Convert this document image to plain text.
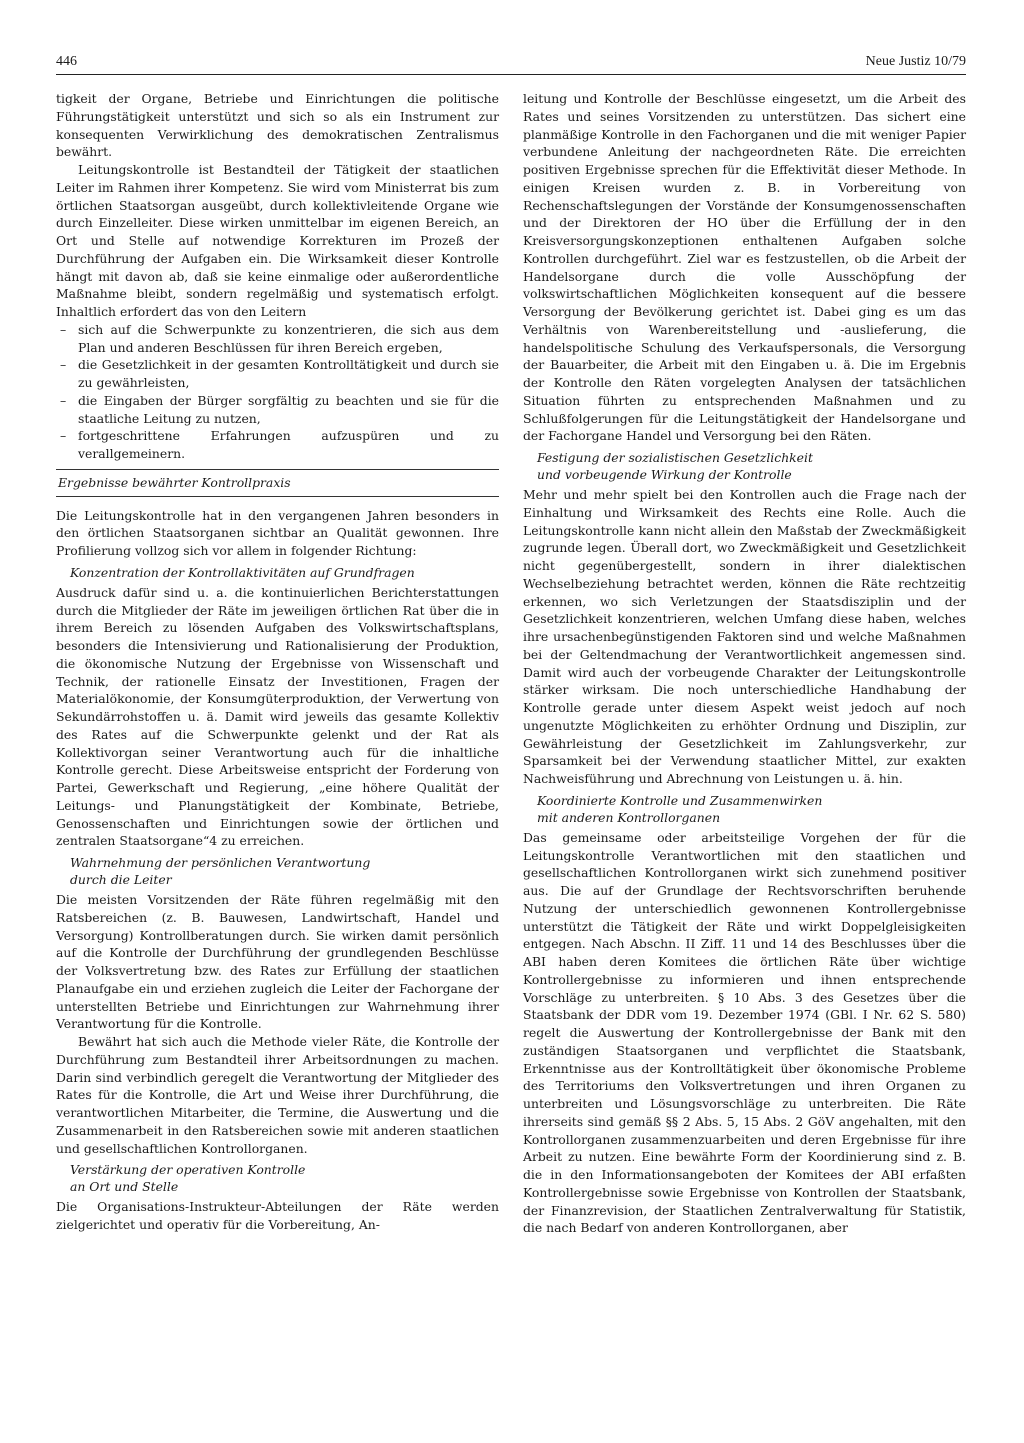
446	Neue Justiz 10/79

tigkeit der Organe, Betriebe und Einrichtungen die politische Führungstätigkeit unterstützt und sich so als ein Instrument zur konsequenten Verwirklichung des demokratischen Zentralismus bewährt.

Leitungskontrolle ist Bestandteil der Tätigkeit der staatlichen Leiter im Rahmen ihrer Kompetenz. Sie wird vom Ministerrat bis zum örtlichen Staatsorgan ausgeübt, durch kollektivleitende Organe wie durch Einzelleiter. Diese wirken unmittelbar im eigenen Bereich, an Ort und Stelle auf notwendige Korrekturen im Prozeß der Durchführung der Aufgaben ein. Die Wirksamkeit dieser Kontrolle hängt mit davon ab, daß sie keine einmalige oder außerordentliche Maßnahme bleibt, sondern regelmäßig und systematisch erfolgt. Inhaltlich erfordert das von den Leitern

– sich auf die Schwerpunkte zu konzentrieren, die sich aus dem Plan und anderen Beschlüssen für ihren Bereich ergeben,
– die Gesetzlichkeit in der gesamten Kontrolltätigkeit und durch sie zu gewährleisten,
– die Eingaben der Bürger sorgfältig zu beachten und sie für die staatliche Leitung zu nutzen,
– fortgeschrittene Erfahrungen aufzuspüren und zu verallgemeinern.
Ergebnisse bewährter Kontrollpraxis

Die Leitungskontrolle hat in den vergangenen Jahren besonders in den örtlichen Staatsorganen sichtbar an Qualität gewonnen. Ihre Profilierung vollzog sich vor allem in folgender Richtung:

Konzentration der Kontrollaktivitäten auf Grundfragen

Ausdruck dafür sind u. a. die kontinuierlichen Berichterstattungen durch die Mitglieder der Räte im jeweiligen örtlichen Rat über die in ihrem Bereich zu lösenden Aufgaben des Volkswirtschaftsplans, besonders die Intensivierung und Rationalisierung der Produktion, die ökonomische Nutzung der Ergebnisse von Wissenschaft und Technik, der rationelle Einsatz der Investitionen, Fragen der Materialökonomie, der Konsumgüterproduktion, der Verwertung von Sekundärrohstoffen u. ä. Damit wird jeweils das gesamte Kollektiv des Rates auf die Schwerpunkte gelenkt und der Rat als Kollektivorgan seiner Verantwortung auch für die inhaltliche Kontrolle gerecht. Diese Arbeitsweise entspricht der Forderung von Partei, Gewerkschaft und Regierung, „eine höhere Qualität der Leitungs- und Planungstätigkeit der Kombinate, Betriebe, Genossenschaften und Einrichtungen sowie der örtlichen und zentralen Staatsorgane“4 zu erreichen.

Wahrnehmung der persönlichen Verantwortung
durch die Leiter

Die meisten Vorsitzenden der Räte führen regelmäßig mit den Ratsbereichen (z. B. Bauwesen, Landwirtschaft, Handel und Versorgung) Kontrollberatungen durch. Sie wirken damit persönlich auf die Kontrolle der Durchführung der grundlegenden Beschlüsse der Volksvertretung bzw. des Rates zur Erfüllung der staatlichen Planaufgabe ein und erziehen zugleich die Leiter der Fachorgane der unterstellten Betriebe und Einrichtungen zur Wahrnehmung ihrer Verantwortung für die Kontrolle.

Bewährt hat sich auch die Methode vieler Räte, die Kontrolle der Durchführung zum Bestandteil ihrer Arbeitsordnungen zu machen. Darin sind verbindlich geregelt die Verantwortung der Mitglieder des Rates für die Kontrolle, die Art und Weise ihrer Durchführung, die verantwortlichen Mitarbeiter, die Termine, die Auswertung und die Zusammenarbeit in den Ratsbereichen sowie mit anderen staatlichen und gesellschaftlichen Kontrollorganen.

Verstärkung der operativen Kontrolle
an Ort und Stelle

Die Organisations-Instrukteur-Abteilungen der Räte werden zielgerichtet und operativ für die Vorbereitung, An-

leitung und Kontrolle der Beschlüsse eingesetzt, um die Arbeit des Rates und seines Vorsitzenden zu unterstützen. Das sichert eine planmäßige Kontrolle in den Fachorganen und die mit weniger Papier verbundene Anleitung der nachgeordneten Räte. Die erreichten positiven Ergebnisse sprechen für die Effektivität dieser Methode. In einigen Kreisen wurden z. B. in Vorbereitung von Rechenschaftslegungen der Vorstände der Konsumgenossenschaften und der Direktoren der HO über die Erfüllung der in den Kreisversorgungskonzeptionen enthaltenen Aufgaben solche Kontrollen durchgeführt. Ziel war es festzustellen, ob die Arbeit der Handelsorgane durch die volle Ausschöpfung der volkswirtschaftlichen Möglichkeiten konsequent auf die bessere Versorgung der Bevölkerung gerichtet ist. Dabei ging es um das Verhältnis von Warenbereitstellung und -auslieferung, die handelspolitische Schulung des Verkaufspersonals, die Versorgung der Bauarbeiter, die Arbeit mit den Eingaben u. ä. Die im Ergebnis der Kontrolle den Räten vorgelegten Analysen der tatsächlichen Situation führten zu entsprechenden Maßnahmen und zu Schlußfolgerungen für die Leitungstätigkeit der Handelsorgane und der Fachorgane Handel und Versorgung bei den Räten.

Festigung der sozialistischen Gesetzlichkeit
und vorbeugende Wirkung der Kontrolle

Mehr und mehr spielt bei den Kontrollen auch die Frage nach der Einhaltung und Wirksamkeit des Rechts eine Rolle. Auch die Leitungskontrolle kann nicht allein den Maßstab der Zweckmäßigkeit zugrunde legen. Überall dort, wo Zweckmäßigkeit und Gesetzlichkeit nicht gegenübergestellt, sondern in ihrer dialektischen Wechselbeziehung betrachtet werden, können die Räte rechtzeitig erkennen, wo sich Verletzungen der Staatsdisziplin und der Gesetzlichkeit konzentrieren, welchen Umfang diese haben, welches ihre ursachenbegünstigenden Faktoren sind und welche Maßnahmen bei der Geltendmachung der Verantwortlichkeit angemessen sind. Damit wird auch der vorbeugende Charakter der Leitungskontrolle stärker wirksam. Die noch unterschiedliche Handhabung der Kontrolle gerade unter diesem Aspekt weist jedoch auf noch ungenutzte Möglichkeiten zu erhöhter Ordnung und Disziplin, zur Gewährleistung der Gesetzlichkeit im Zahlungsverkehr, zur Sparsamkeit bei der Verwendung staatlicher Mittel, zur exakten Nachweisführung und Abrechnung von Leistungen u. ä. hin.

Koordinierte Kontrolle und Zusammenwirken
mit anderen Kontrollorganen

Das gemeinsame oder arbeitsteilige Vorgehen der für die Leitungskontrolle Verantwortlichen mit den staatlichen und gesellschaftlichen Kontrollorganen wirkt sich zunehmend positiver aus. Die auf der Grundlage der Rechtsvorschriften beruhende Nutzung der unterschiedlich gewonnenen Kontrollergebnisse unterstützt die Tätigkeit der Räte und wirkt Doppelgleisigkeiten entgegen. Nach Abschn. II Ziff. 11 und 14 des Beschlusses über die ABI haben deren Komitees die örtlichen Räte über wichtige Kontrollergebnisse zu informieren und ihnen entsprechende Vorschläge zu unterbreiten. § 10 Abs. 3 des Gesetzes über die Staatsbank der DDR vom 19. Dezember 1974 (GBl. I Nr. 62 S. 580) regelt die Auswertung der Kontrollergebnisse der Bank mit den zuständigen Staatsorganen und verpflichtet die Staatsbank, Erkenntnisse aus der Kontrolltätigkeit über ökonomische Probleme des Territoriums den Volksvertretungen und ihren Organen zu unterbreiten und Lösungsvorschläge zu unterbreiten. Die Räte ihrerseits sind gemäß §§ 2 Abs. 5, 15 Abs. 2 GöV angehalten, mit den Kontrollorganen zusammenzuarbeiten und deren Ergebnisse für ihre Arbeit zu nutzen. Eine bewährte Form der Koordinierung sind z. B. die in den Informationsangeboten der Komitees der ABI erfaßten Kontrollergebnisse sowie Ergebnisse von Kontrollen der Staatsbank, der Finanzrevision, der Staatlichen Zentralverwaltung für Statistik, die nach Bedarf von anderen Kontrollorganen, aber
